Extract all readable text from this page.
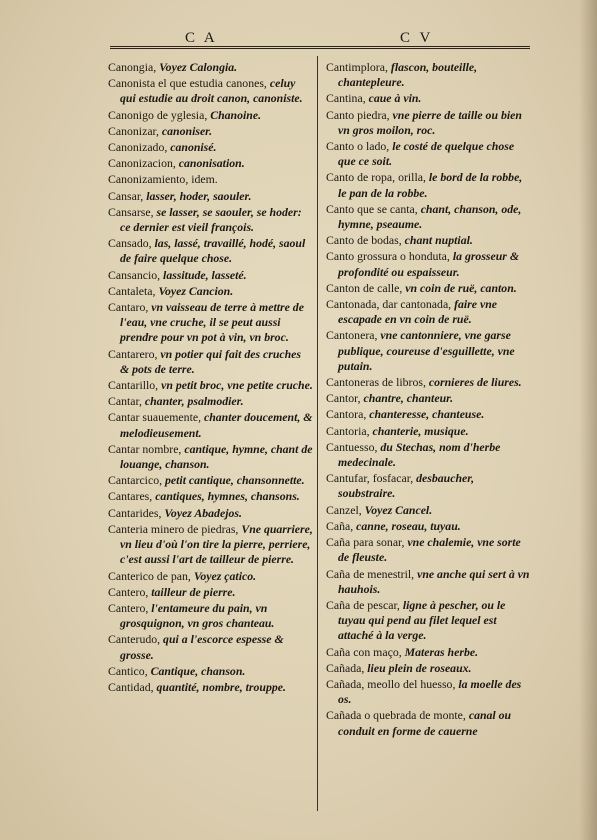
C A	C V
Canongia, Voyez Calongia.
Canonista el que estudia canones, celuy qui estudie au droit canon, canoniste.
Canonigo de yglesia, Chanoine.
Canonizar, canoniser.
Canonizado, canonisé.
Canonizacion, canonisation.
Canonizamiento, idem.
Cansar, lasser, hoder, saouler.
Cansarse, se lasser, se saouler, se hoder: ce dernier est vieil françois.
Cansado, las, lassé, travaillé, hodé, saoul de faire quelque chose.
Cansancio, lassitude, lasseté.
Cantaleta, Voyez Cancion.
Cantaro, vn vaisseau de terre à mettre de l'eau, vne cruche, il se peut aussi prendre pour vn pot à vin, vn broc.
Cantarero, vn potier qui fait des cruches & pots de terre.
Cantarillo, vn petit broc, vne petite cruche.
Cantar, chanter, psalmodier.
Cantar suauemente, chanter doucement, & melodieusement.
Cantar nombre, cantique, hymne, chant de louange, chanson.
Cantarcico, petit cantique, chansonnette.
Cantares, cantiques, hymnes, chansons.
Cantarides, Voyez Abadejos.
Canteria minero de piedras, Vne quarriere, vn lieu d'où l'on tire la pierre, perriere, c'est aussi l'art de tailleur de pierre.
Canterico de pan, Voyez çatico.
Cantero, tailleur de pierre.
Cantero, l'entameure du pain, vn grosquignon, vn gros chanteau.
Canterudo, qui a l'escorce espesse & grosse.
Cantico, Cantique, chanson.
Cantidad, quantité, nombre, trouppe.
Cantimplora, flascon, bouteille, chantepleure.
Cantina, caue à vin.
Canto piedra, vne pierre de taille ou bien vn gros moilon, roc.
Canto o lado, le costé de quelque chose que ce soit.
Canto de ropa, orilla, le bord de la robbe, le pan de la robbe.
Canto que se canta, chant, chanson, ode, hymne, pseaume.
Canto de bodas, chant nuptial.
Canto grossura o honduta, la grosseur & profondité ou espaisseur.
Canton de calle, vn coin de ruë, canton.
Cantonada, dar cantonada, faire vne escapade en vn coin de ruë.
Cantonera, vne cantonniere, vne garse publique, coureuse d'esguillette, vne putain.
Cantoneras de libros, cornieres de liures.
Cantor, chantre, chanteur.
Cantora, chanteresse, chanteuse.
Cantoria, chanterie, musique.
Cantuesso, du Stechas, nom d'herbe medecinale.
Cantufar, fosfacar, desbaucher, soubstraire.
Canzel, Voyez Cancel.
Caña, canne, roseau, tuyau.
Caña para sonar, vne chalemie, vne sorte de fleuste.
Caña de menestril, vne anche qui sert à vn hauhois.
Caña de pescar, ligne à pescher, ou le tuyau qui pend au filet lequel est attaché à la verge.
Caña con maço, Materas herbe.
Cañada, lieu plein de roseaux.
Cañada, meollo del huesso, la moelle des os.
Cañada o quebrada de monte, canal ou conduit en forme de cauerne
